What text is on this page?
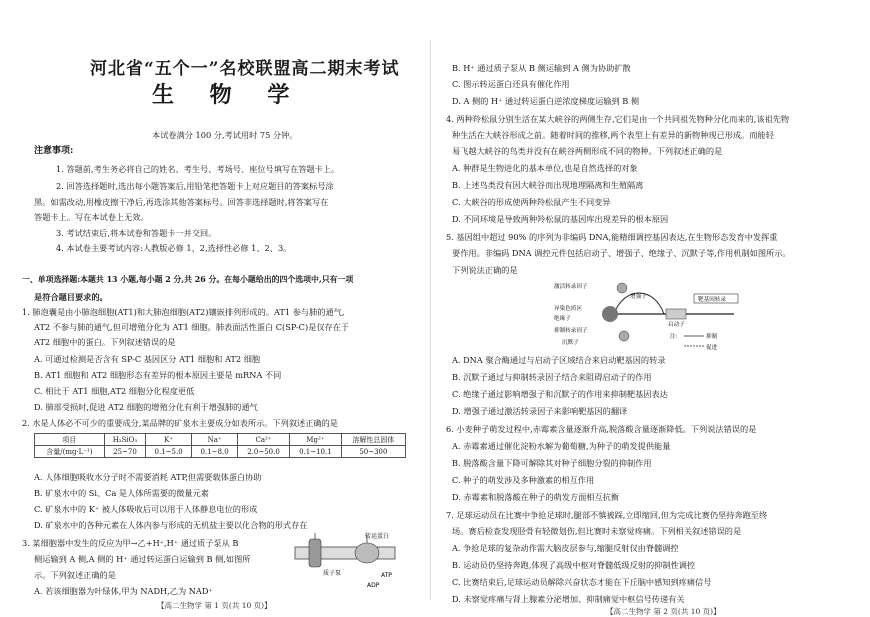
河北省“五个一”名校联盟高二期末考试
生 物 学
本试卷满分 100 分,考试用时 75 分钟。
注意事项:
1. 答题前,考生务必将自己的姓名、考生号、考场号、座位号填写在答题卡上。
2. 回答选择题时,选出每小题答案后,用铅笔把答题卡上对应题目的答案标号涂
黑。如需改动,用橡皮擦干净后,再选涂其他答案标号。回答非选择题时,将答案写在
答题卡上。写在本试卷上无效。
3. 考试结束后,将本试卷和答题卡一并交回。
4. 本试卷主要考试内容:人教版必修 1、2,选择性必修 1、2、3。
一、单项选择题:本题共 13 小题,每小题 2 分,共 26 分。在每小题给出的四个选项中,只有一项
是符合题目要求的。
1. 肺泡囊是由小肺泡细胞(AT1)和大肺泡细胞(AT2)镶嵌排列形成的。AT1 参与肺的通气,
AT2 不参与肺的通气,但可增殖分化为 AT1 细胞。肺表面活性蛋白 C(SP-C)是仅存在于
AT2 细胞中的蛋白。下列叙述错误的是
A. 可通过检测是否含有 SP-C 基因区分 AT1 细胞和 AT2 细胞
B. AT1 细胞和 AT2 细胞形态有差异的根本原因主要是 mRNA 不同
C. 相比于 AT1 细胞,AT2 细胞分化程度更低
D. 肺部受损时,促进 AT2 细胞的增殖分化有利于增强肺的通气
2. 水是人体必不可少的重要成分,某品牌的矿泉水主要成分如表所示。下列叙述正确的是
项目	H₂SiO₃	K⁺	Na⁺	Ca²⁺	Mg²⁺	溶解性总固体
含量/(mg·L⁻¹)	25~70	0.1~5.0	0.1~8.0	2.0~50.0	0.1~10.1	50~300
A. 人体细胞吸收水分子时不需要消耗 ATP,但需要载体蛋白协助
B. 矿泉水中的 Si、Ca 是人体所需要的微量元素
C. 矿泉水中的 K⁺ 被人体吸收后可以用于人体静息电位的形成
D. 矿泉水中的各种元素在人体内参与形成的无机盐主要以化合物的形式存在
3. 某细胞器中发生的反应为甲→乙+H⁺,H⁺ 通过质子泵从 B
侧运输到 A 侧,A 侧的 H⁺ 通过转运蛋白运输到 B 侧,如图所
示。下列叙述正确的是
A. 若该细胞器为叶绿体,甲为 NADH,乙为 NAD⁺
质子泵
转运蛋白
ATP
ADP
【高二生物学 第 1 页(共 10 页)】
B. H⁺ 通过质子泵从 B 侧运输到 A 侧为协助扩散
C. 图示转运蛋白还具有催化作用
D. A 侧的 H⁺ 通过转运蛋白逆浓度梯度运输到 B 侧
4. 两种羚松鼠分别生活在某大峡谷的两侧生存,它们是由一个共同祖先物种分化而来的,该祖先物
种生活在大峡谷形成之前。随着时间的推移,两个表型上有差异的新物种现已形成。而能轻
易飞越大峡谷的鸟类并没有在峡谷两侧形成不同的物种。下列叙述正确的是
A. 种群是生物进化的基本单位,也是自然选择的对象
B. 上述鸟类没有因大峡谷而出现地理隔离和生殖隔离
C. 大峡谷的形成使两种羚松鼠产生不同变异
D. 不同环境是导致两种羚松鼠的基因库出现差异的根本原因
5. 基因组中超过 90% 的序列为非编码 DNA,能精细调控基因表达,在生物形态发育中发挥重
要作用。非编码 DNA 调控元件包括启动子、增强子、绝缘子、沉默子等,作用机制如图所示。
下列说法正确的是
激活转录因子
增强子
异染色质区
绝缘子
抑制转录因子
沉默子
靶基因转录
启动子
注:	抑制
促进
A. DNA 聚合酶通过与启动子区域结合来启动靶基因的转录
B. 沉默子通过与抑制转录因子结合来阻碍启动子的作用
C. 绝缘子通过影响增强子和沉默子的作用来抑制靶基因表达
D. 增强子通过激活转录因子来影响靶基因的翻译
6. 小麦种子萌发过程中,赤霉素含量逐渐升高,脱落酸含量逐渐降低。下列说法错误的是
A. 赤霉素通过催化淀粉水解为葡萄糖,为种子的萌发提供能量
B. 脱落酸含量下降可解除其对种子细胞分裂的抑制作用
C. 种子的萌发涉及多种激素的相互作用
D. 赤霉素和脱落酸在种子的萌发方面相互抗衡
7. 足球运动员在比赛中争抢足球时,腿部不慎被踩,立即缩回,但为完成比赛仍坚持奔跑至终
场。赛后检查发现胫骨有轻微划伤,但比赛时未察觉疼痛。下列相关叙述错误的是
A. 争抢足球的复杂动作需大脑皮层参与,缩腿反射仅由脊髓调控
B. 运动员仍坚持奔跑,体现了高级中枢对脊髓低级反射的抑制性调控
C. 比赛结束后,足球运动员解除兴奋状态才能在下丘脑中感知到疼痛信号
D. 未察觉疼痛与肾上腺素分泌增加、抑制痛觉中枢信号传递有关
【高二生物学 第 2 页(共 10 页)】
